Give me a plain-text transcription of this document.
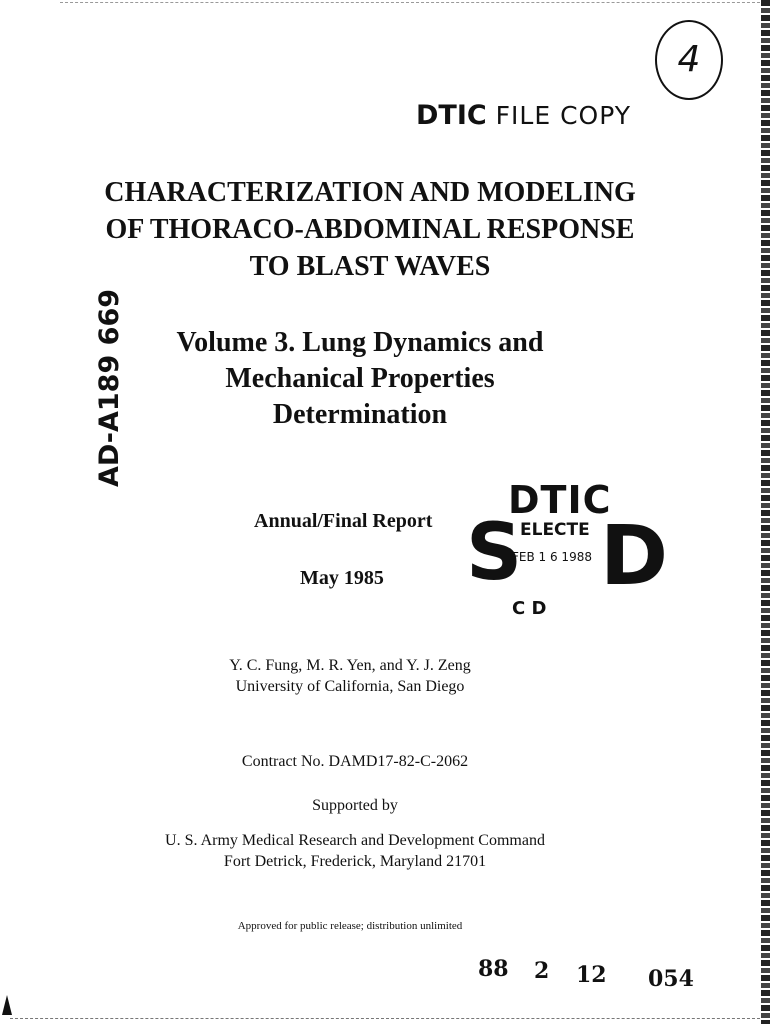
4
DTIC FILE COPY
CHARACTERIZATION AND MODELING
OF THORACO-ABDOMINAL RESPONSE
TO BLAST WAVES
AD-A189 669	Volume 3. Lung Dynamics and
Mechanical Properties
Determination
Annual/Final Report
May 1985
DTIC
ELECTE
FEB 1 6 1988
S D
C D
Y. C. Fung, M. R. Yen, and Y. J. Zeng
University of California, San Diego
Contract No. DAMD17-82-C-2062
Supported by
U. S. Army Medical Research and Development Command
Fort Detrick, Frederick, Maryland 21701
Approved for public release; distribution unlimited
88 2 12 054
